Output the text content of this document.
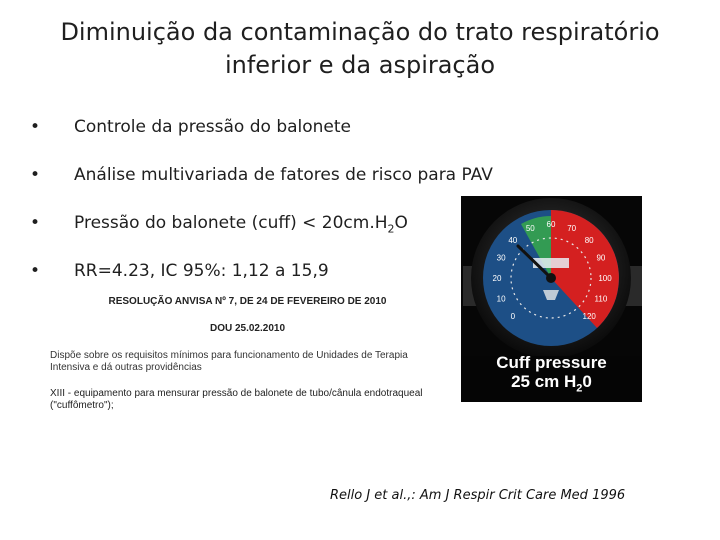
Diminuição da contaminação do trato respiratório
inferior e da aspiração
• Controle da pressão do balonete
• Análise multivariada de fatores de risco para PAV
• Pressão do balonete (cuff) < $20cm.H_2O$
• RR=4.23, IC 95%: 1,12 a 15,9
RESOLUÇÃO ANVISA Nº 7, DE 24 DE FEVEREIRO DE 2010
DOU 25.02.2010
Dispõe sobre os requisitos mínimos para funcionamento de Unidades de Terapia Intensiva e dá outras providências
XIII - equipamento para mensurar pressão de balonete de tubo/cânula endotraqueal ("cuffômetro");
0
10
20
30
40
50 60 70
80
90
100
110
120
Cuff pressure
25 cm $H_20$
Rello J et al.,: Am J Respir Crit Care Med 1996
